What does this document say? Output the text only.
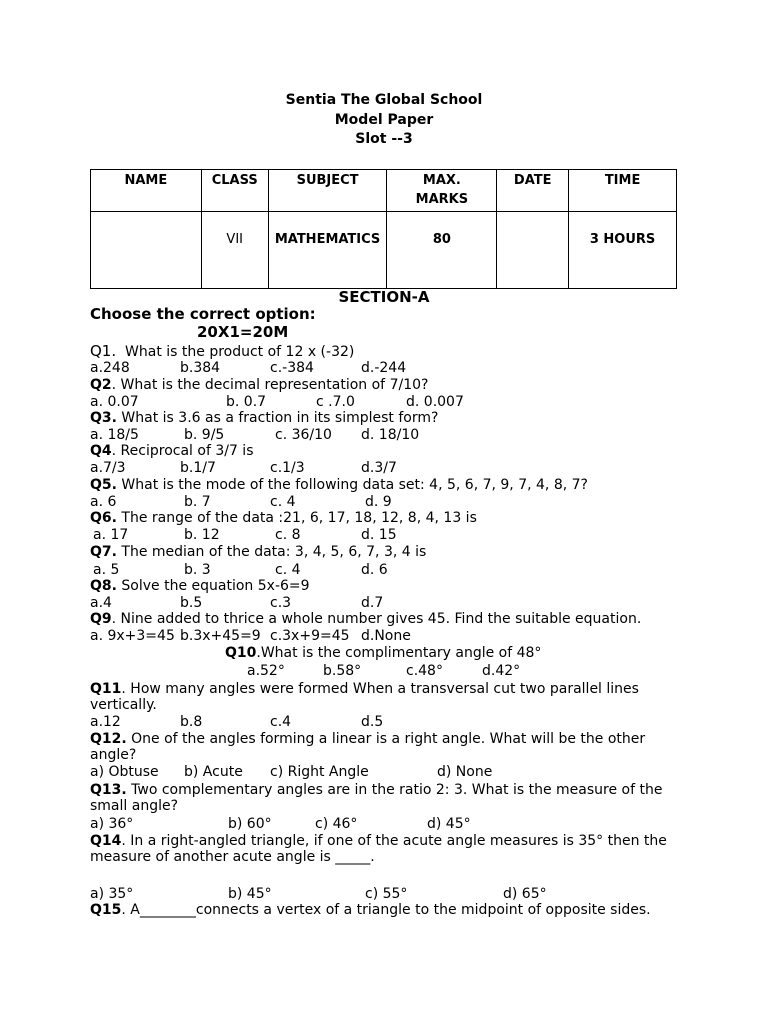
Sentia The Global School
Model Paper
Slot --3
NAME	CLASS	SUBJECT	MAX. MARKS	DATE	TIME
	VII	MATHEMATICS	80		3 HOURS
SECTION-A
Choose the correct option:
20X1=20M
Q1.  What is the product of 12 x (-32)
a.248	b.384	c.-384	d.-244
Q2. What is the decimal representation of 7/10?
a. 0.07	b. 0.7	c .7.0	d. 0.007
Q3. What is 3.6 as a fraction in its simplest form?
a. 18/5	b. 9/5	c. 36/10 d. 18/10
Q4. Reciprocal of 3/7 is
a.7/3	b.1/7	c.1/3	d.3/7
Q5. What is the mode of the following data set: 4, 5, 6, 7, 9, 7, 4, 8, 7?
a. 6	b. 7	c. 4	d. 9
Q6. The range of the data :21, 6, 17, 18, 12, 8, 4, 13 is
a. 17	b. 12	c. 8	d. 15
Q7. The median of the data: 3, 4, 5, 6, 7, 3, 4 is
a. 5	b. 3	c. 4	d. 6
Q8. Solve the equation 5x-6=9
a.4	b.5	c.3	d.7
Q9. Nine added to thrice a whole number gives 45. Find the suitable equation.
a. 9x+3=45 b.3x+45=9 c.3x+9=45 d.None
Q10.What is the complimentary angle of 48°
a.52°	b.58°	c.48°	d.42°
Q11. How many angles were formed When a transversal cut two parallel lines
vertically.
a.12	b.8	c.4	d.5
Q12. One of the angles forming a linear is a right angle. What will be the other
angle?
a) Obtuse b) Acute c) Right Angle	d) None
Q13. Two complementary angles are in the ratio 2: 3. What is the measure of the
small angle?
a) 36°	b) 60°	c) 46°	d) 45°
Q14. In a right-angled triangle, if one of the acute angle measures is 35° then the
measure of another acute angle is _____.
a) 35°	b) 45°	c) 55°	d) 65°
Q15. A________connects a vertex of a triangle to the midpoint of opposite sides.
